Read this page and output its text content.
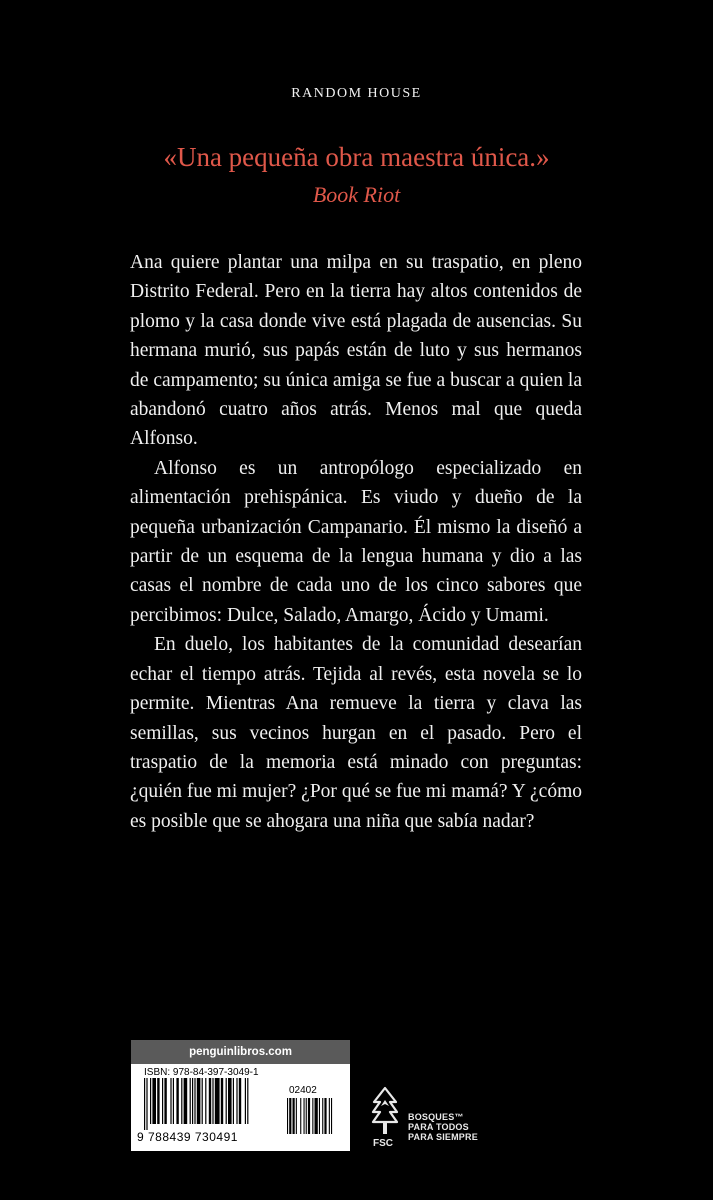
RANDOM HOUSE
«Una pequeña obra maestra única.»
Book Riot

Ana quiere plantar una milpa en su traspatio, en pleno Distrito Federal. Pero en la tierra hay altos contenidos de plomo y la casa donde vive está plagada de ausencias. Su hermana murió, sus papás están de luto y sus hermanos de campamento; su única amiga se fue a buscar a quien la abandonó cuatro años atrás. Menos mal que queda Alfonso.

Alfonso es un antropólogo especializado en alimentación prehispánica. Es viudo y dueño de la pequeña urbanización Campanario. Él mismo la diseñó a partir de un esquema de la lengua humana y dio a las casas el nombre de cada uno de los cinco sabores que percibimos: Dulce, Salado, Amargo, Ácido y Umami.

En duelo, los habitantes de la comunidad desearían echar el tiempo atrás. Tejida al revés, esta novela se lo permite. Mientras Ana remueve la tierra y clava las semillas, sus vecinos hurgan en el pasado. Pero el traspatio de la memoria está minado con preguntas: ¿quién fue mi mujer? ¿Por qué se fue mi mamá? Y ¿cómo es posible que se ahogara una niña que sabía nadar?

penguinlibros.com
ISBN: 978-84-397-3049-1
02402
9 788439 730491	FSC
BOSQUES™
PARA TODOS
PARA SIEMPRE
